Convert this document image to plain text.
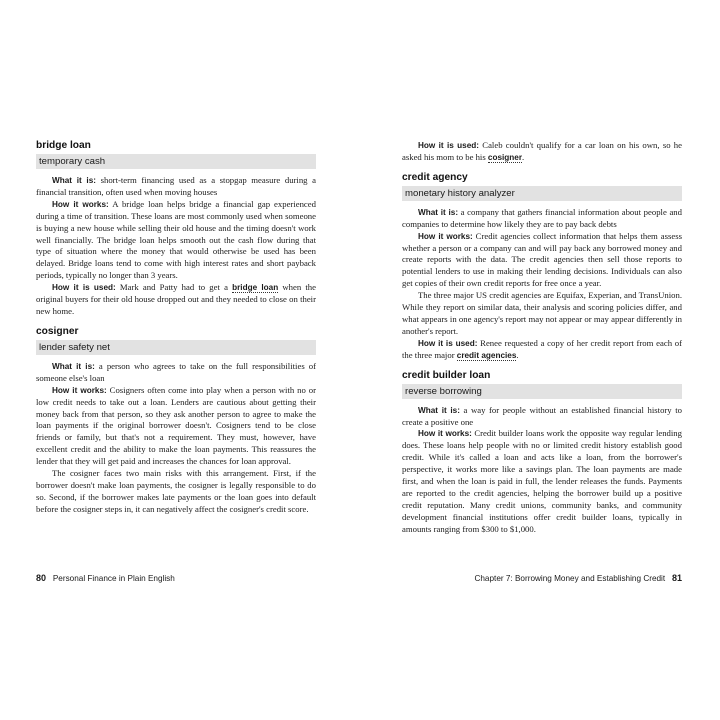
bridge loan
temporary cash

What it is: short-term financing used as a stopgap measure during a financial transition, often used when moving houses

How it works: A bridge loan helps bridge a financial gap experienced during a time of transition. These loans are most commonly used when someone is buying a new house while selling their old house and the timing doesn't work well financially. The bridge loan helps smooth out the cash flow during that type of situation where the money that would otherwise be used has been delayed. Bridge loans tend to come with high interest rates and short payback periods, typically no longer than 3 years.

How it is used: Mark and Patty had to get a bridge loan when the original buyers for their old house dropped out and they needed to close on their new home.

cosigner
lender safety net

What it is: a person who agrees to take on the full responsibilities of someone else's loan

How it works: Cosigners often come into play when a person with no or low credit needs to take out a loan. Lenders are cautious about getting their money back from that person, so they ask another person to agree to make the loan payments if the original borrower doesn't. Cosigners tend to be close friends or family, but that's not a requirement. They must, however, have excellent credit and the ability to make the loan payments. This reassures the lender that they will get paid and increases the chances for loan approval.

The cosigner faces two main risks with this arrangement. First, if the borrower doesn't make loan payments, the cosigner is legally responsible to do so. Second, if the borrower makes late payments or the loan goes into default before the cosigner steps in, it can negatively affect the cosigner's credit score.

How it is used: Caleb couldn't qualify for a car loan on his own, so he asked his mom to be his cosigner.

credit agency
monetary history analyzer

What it is: a company that gathers financial information about people and companies to determine how likely they are to pay back debts

How it works: Credit agencies collect information that helps them assess whether a person or a company can and will pay back any borrowed money and create reports with the data. The credit agencies then sell those reports to potential lenders to use in making their lending decisions. Individuals can also get copies of their own credit reports for free once a year.

The three major US credit agencies are Equifax, Experian, and TransUnion. While they report on similar data, their analysis and scoring policies differ, and what appears in one agency's report may not appear or may appear differently in another's report.

How it is used: Renee requested a copy of her credit report from each of the three major credit agencies.

credit builder loan
reverse borrowing

What it is: a way for people without an established financial history to create a positive one

How it works: Credit builder loans work the opposite way regular lending does. These loans help people with no or limited credit history establish good credit. While it's called a loan and acts like a loan, from the borrower's perspective, it works more like a savings plan. The loan payments are made first, and when the loan is paid in full, the lender releases the funds. Payments are reported to the credit agencies, helping the borrower build up a positive credit reputation. Many credit unions, community banks, and community development financial institutions offer credit builder loans, typically in amounts ranging from $300 to $1,000.

80 Personal Finance in Plain English	Chapter 7: Borrowing Money and Establishing Credit 81
